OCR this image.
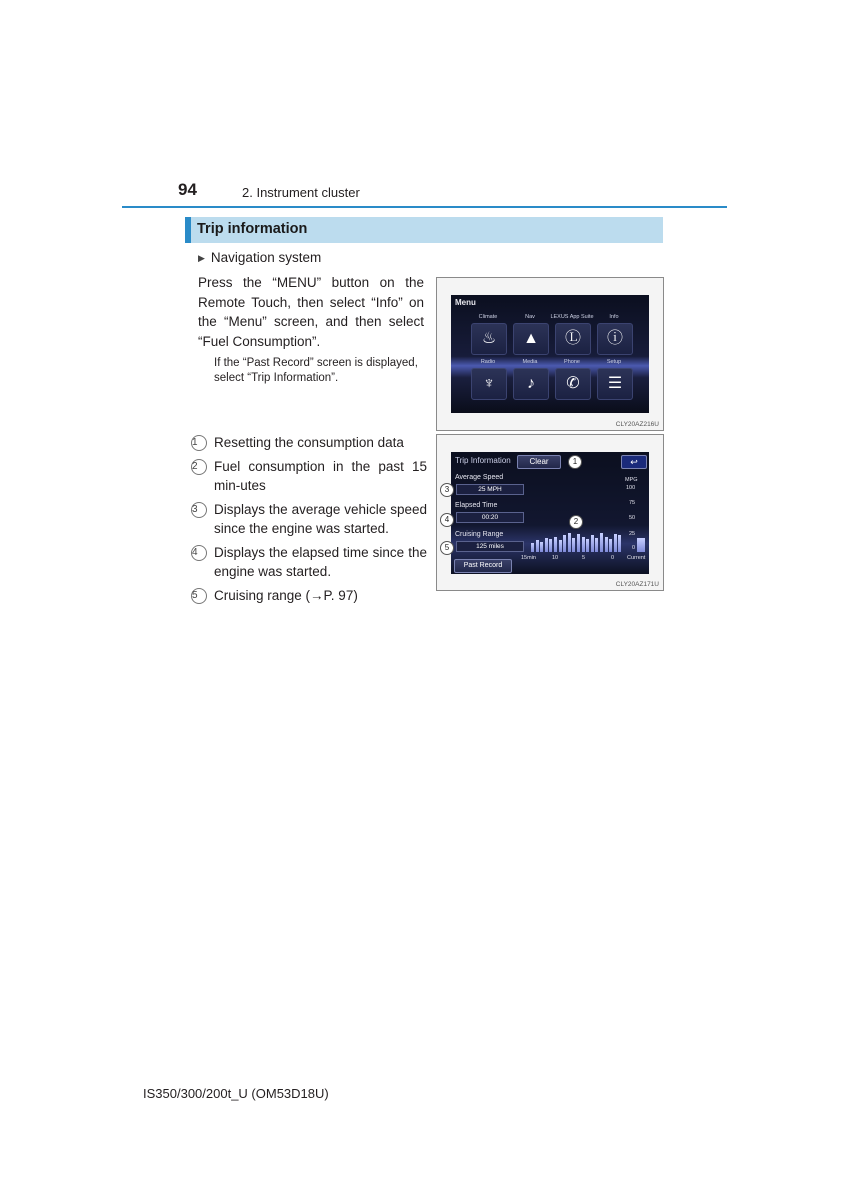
94	2. Instrument cluster
Trip information
▶ Navigation system
Press the “MENU” button on the Remote Touch, then select “Info” on the “Menu” screen, and then select “Fuel Consumption”.
If the “Past Record” screen is displayed, select “Trip Information”.
1	Resetting the consumption data
2	Fuel consumption in the past 15 min-utes
3	Displays the average vehicle speed since the engine was started.
4	Displays the elapsed time since the engine was started.
5	Cruising range (→P. 97)
Menu
Climate	Nav	LEXUS App Suite	Info
♨	▲	Ⓛ	ⓘ
Radio	Media	Phone	Setup
♆	♪	✆	☰
CLY20AZ216U
Trip Information	Clear	↩
Average Speed
25 MPH
Elapsed Time
00:20
Cruising Range
125 miles
Past Record
MPG
100
75
50
25
0
15min	10	5	0 Current
1
2
3
4
5
CLY20AZ171U
IS350/300/200t_U (OM53D18U)
